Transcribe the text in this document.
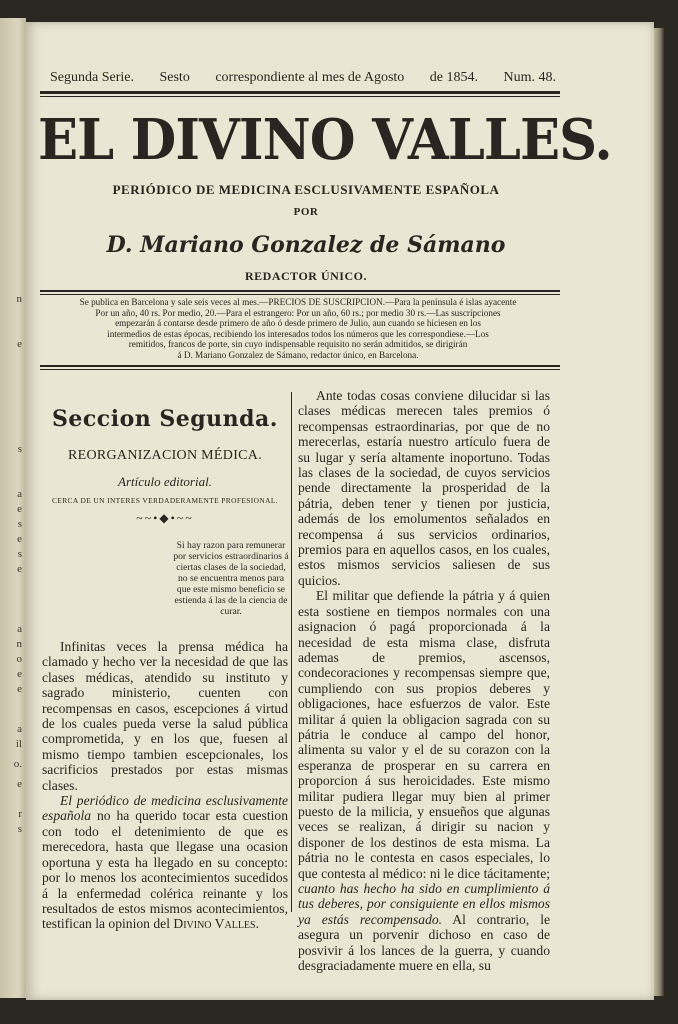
n
e
s
a
e
s
e
s
e
a
n
o
e
e
a
il
o.
e
r
s
Segunda Serie. Sesto correspondiente al mes de Agosto de 1854. Num. 48.
EL DIVINO VALLES.
PERIÓDICO DE MEDICINA ESCLUSIVAMENTE ESPAÑOLA
POR
D. Mariano Gonzalez de Sámano
REDACTOR ÚNICO.
Se publica en Barcelona y sale seis veces al mes.—PRECIOS DE SUSCRIPCION.—Para la península é islas ayacente
Por un año, 40 rs. Por medio, 20.—Para el estrangero: Por un año, 60 rs.; por medio 30 rs.—Las suscripciones
empezarán á contarse desde primero de año ó desde primero de Julio, aun cuando se hiciesen en los
intermedios de estas épocas, recibiendo los interesados todos los números que les correspondiese.—Los
remitidos, francos de porte, sin cuyo indispensable requisito no serán admitidos, se dirigirán
á D. Mariano Gonzalez de Sámano, redactor único, en Barcelona.
Seccion Segunda.
REORGANIZACION MÉDICA.
Artículo editorial.
CERCA DE UN INTERES VERDADERAMENTE PROFESIONAL.
~~•◆•~~
Si hay razon para remunerar por servicios estraordinarios á ciertas clases de la sociedad, no se encuentra menos para que este mismo beneficio se estienda á las de la ciencia de curar.

Infinitas veces la prensa médica ha clamado y hecho ver la necesidad de que las clases médicas, atendido su instituto y sagrado ministerio, cuenten con recompensas en casos, escepciones á virtud de los cuales pueda verse la salud pública comprometida, y en los que, fuesen al mismo tiempo tambien escepcionales, los sacrificios prestados por estas mismas clases.

El periódico de medicina esclusivamente española no ha querido tocar esta cuestion con todo el detenimiento de que es merecedora, hasta que llegase una ocasion oportuna y esta ha llegado en su concepto: por lo menos los acontecimientos sucedidos á la enfermedad colérica reinante y los resultados de estos mismos acontecimientos, testifican la opinion del Divino Valles.

Ante todas cosas conviene dilucidar si las clases médicas merecen tales premios ó recompensas estraordinarias, por que de no merecerlas, estaría nuestro artículo fuera de su lugar y sería altamente inoportuno. Todas las clases de la sociedad, de cuyos servicios pende directamente la prosperidad de la pátria, deben tener y tienen por justicia, además de los emolumentos señalados en recompensa á sus servicios ordinarios, premios para en aquellos casos, en los cuales, estos mismos servicios saliesen de sus quicios.

El militar que defiende la pátria y á quien esta sostiene en tiempos normales con una asignacion ó pagá proporcionada á la necesidad de esta misma clase, disfruta ademas de premios, ascensos, condecoraciones y recompensas siempre que, cumpliendo con sus propios deberes y obligaciones, hace esfuerzos de valor. Este militar á quien la obligacion sagrada con su pátria le conduce al campo del honor, alimenta su valor y el de su corazon con la esperanza de prosperar en su carrera en proporcion á sus heroicidades. Este mismo militar pudiera llegar muy bien al primer puesto de la milicia, y ensueños que algunas veces se realizan, á dirigir su nacion y disponer de los destinos de esta misma. La pátria no le contesta en casos especiales, lo que contesta al médico: ni le dice tácitamente; cuanto has hecho ha sido en cumplimiento á tus deberes, por consiguiente en ellos mismos ya estás recompensado. Al contrario, le asegura un porvenir dichoso en caso de posvivir á los lances de la guerra, y cuando desgraciadamente muere en ella, su
